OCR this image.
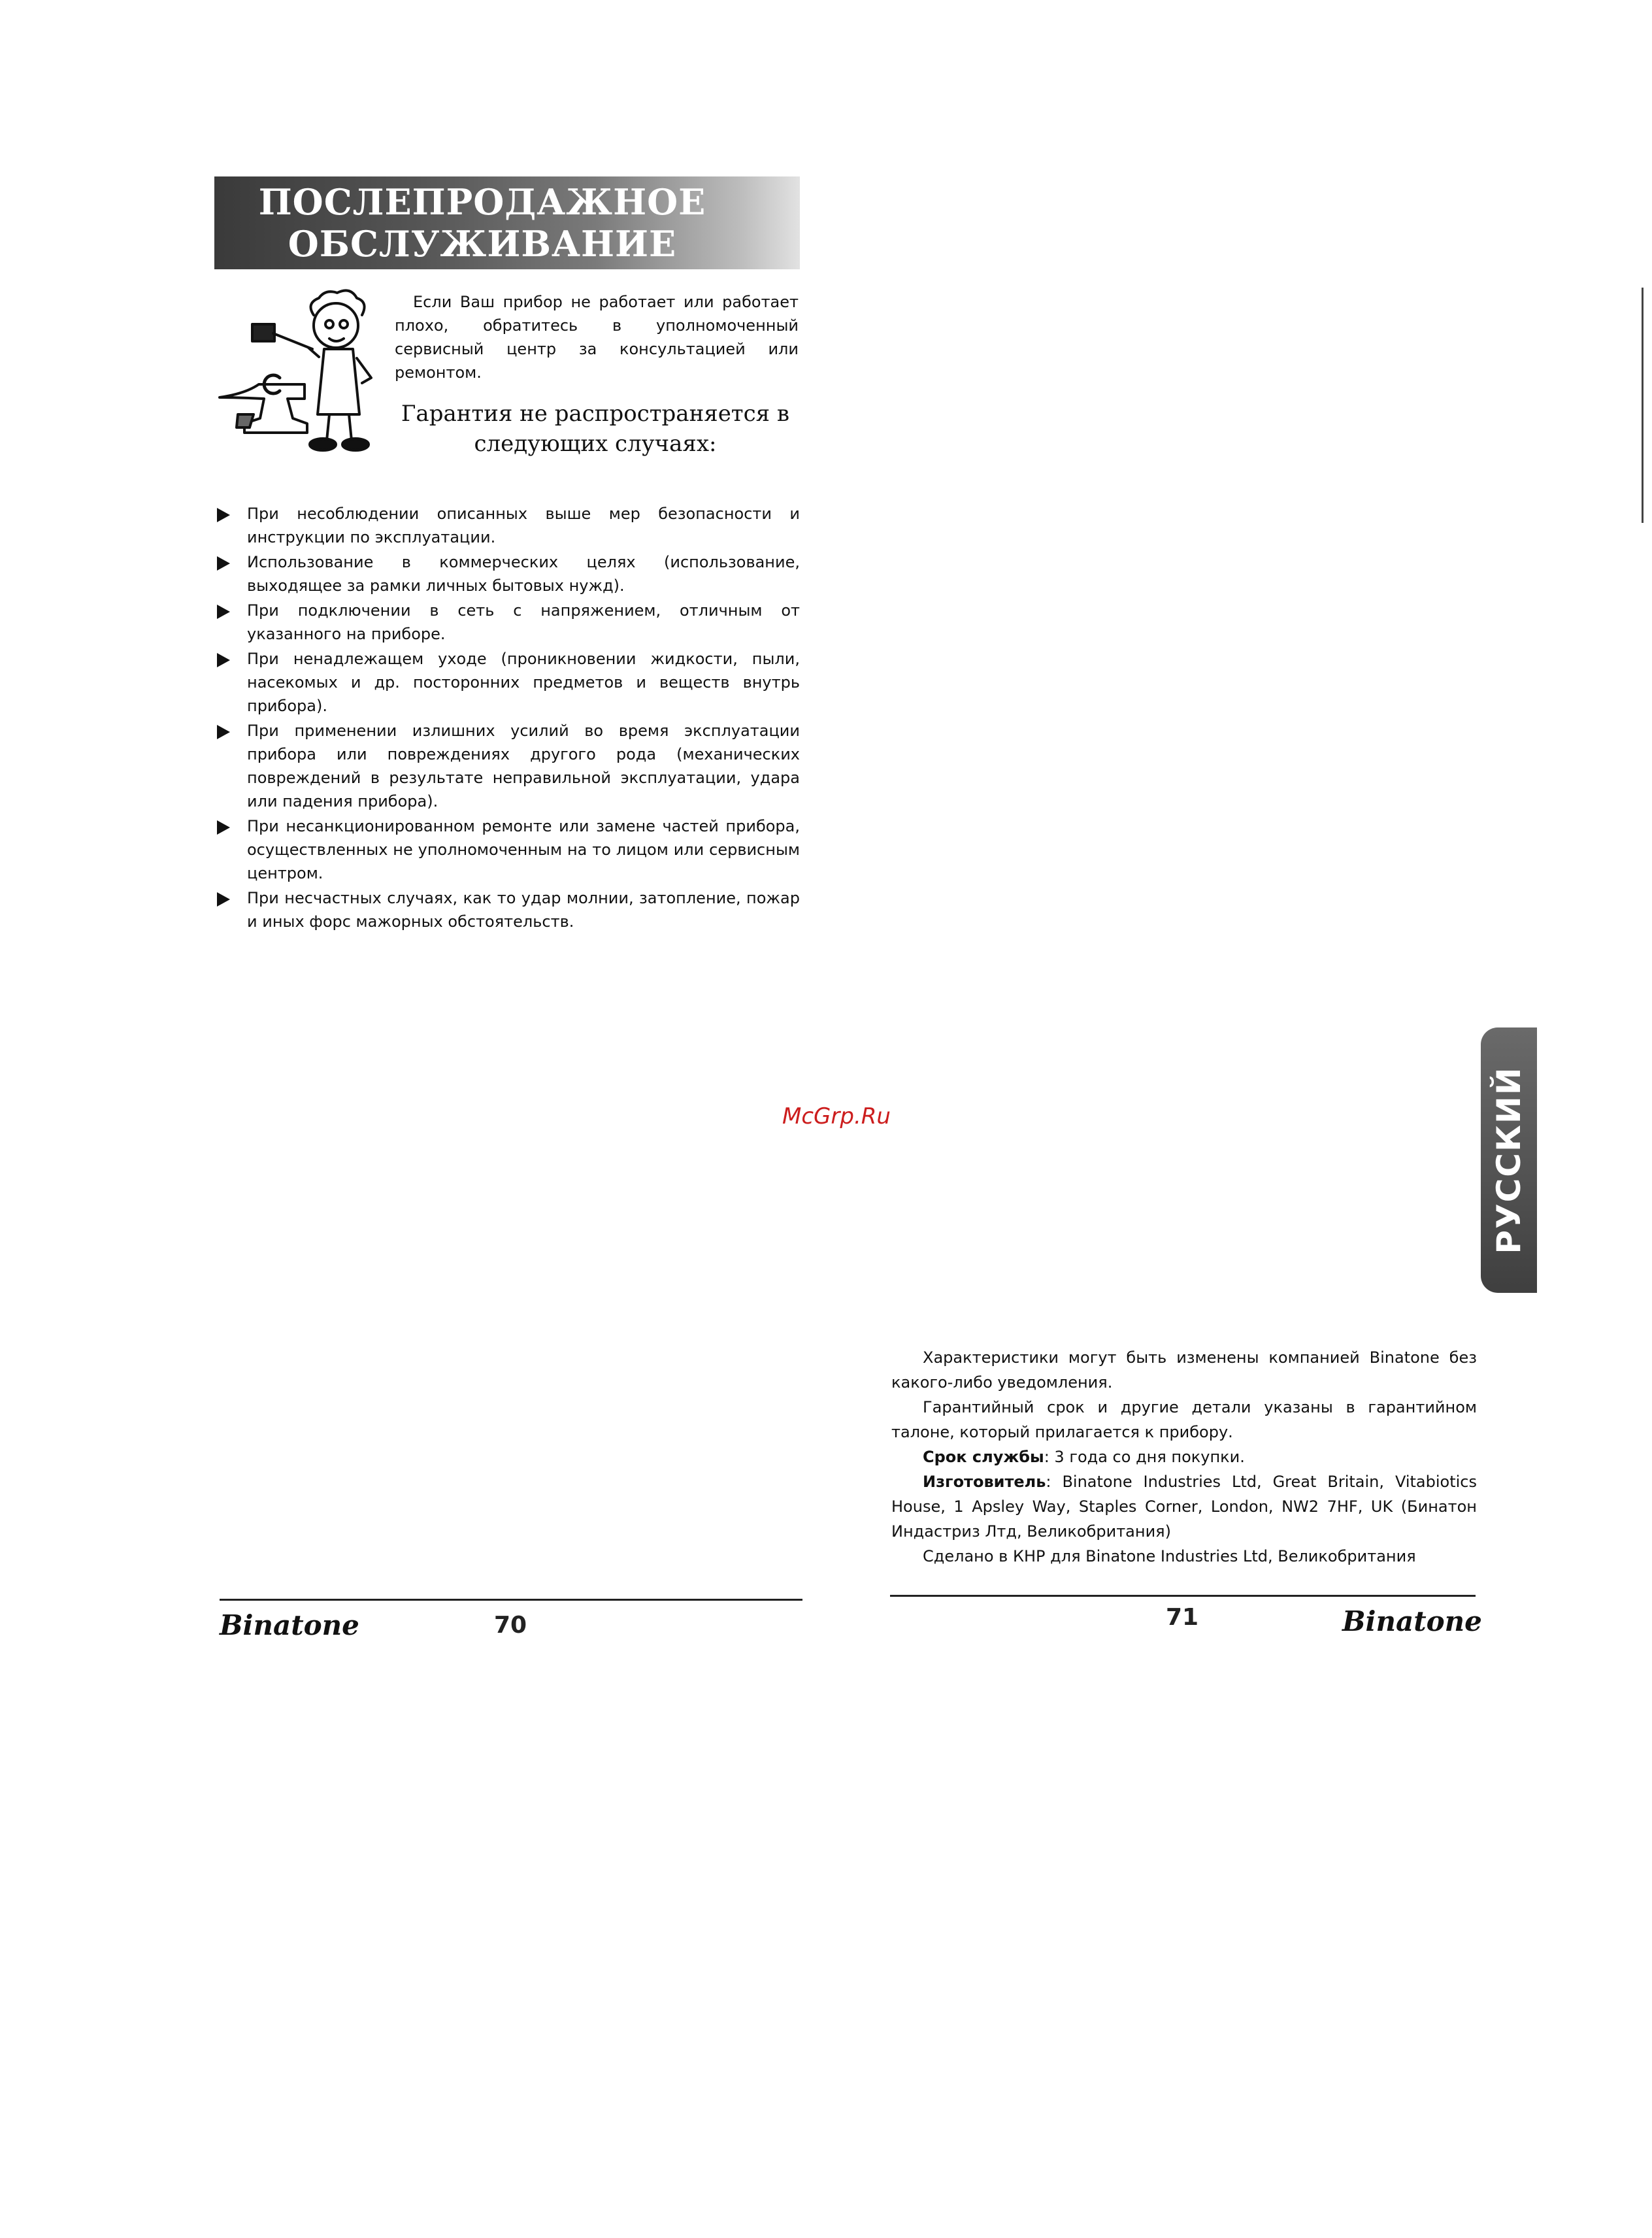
ПОСЛЕПРОДАЖНОЕ
ОБСЛУЖИВАНИЕ
Если Ваш прибор не работает или работает плохо, обратитесь в уполномоченный сервисный центр за консультацией или ремонтом.
Гарантия не распространяется в следующих случаях:
При несоблюдении описанных выше мер безопасности и инструкции по эксплуатации.
Использование в коммерческих целях (использование, выходящее за рамки личных бытовых нужд).
При подключении в сеть с напряжением, отличным от указанного на приборе.
При ненадлежащем уходе (проникновении жидкости, пыли, насекомых и др. посторонних предметов и веществ внутрь прибора).
При применении излишних усилий во время эксплуатации прибора или повреждениях другого рода (механических повреждений в результате неправильной эксплуатации, удара или падения прибора).
При несанкционированном ремонте или замене частей прибора, осуществленных не уполномоченным на то лицом или сервисным центром.
При несчастных случаях, как то удар молнии, затопление, пожар и иных форс мажорных обстоятельств.
McGrp.Ru
Binatone	70
РУССКИЙ

Характеристики могут быть изменены компанией Binatone без какого-либо уведомления.

Гарантийный срок и другие детали указаны в гарантийном талоне, который прилагается к прибору.

Срок службы: 3 года со дня покупки.

Изготовитель: Binatone Industries Ltd, Great Britain, Vitabiotics House, 1 Apsley Way, Staples Corner, London, NW2 7HF, UK (Бинатон Индастриз Лтд, Великобритания)

Сделано в КНР для Binatone Industries Ltd, Великобритания

71	Binatone
